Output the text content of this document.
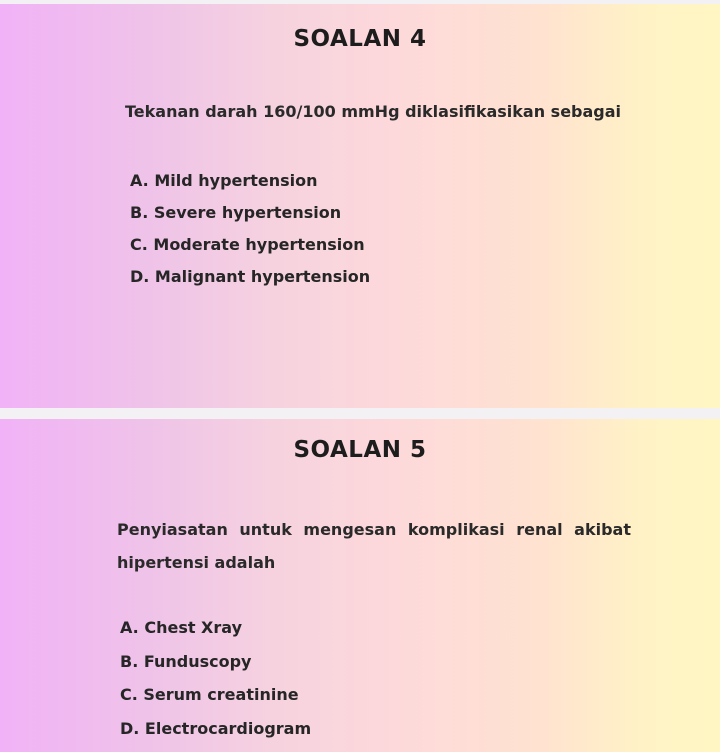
SOALAN 4
Tekanan darah 160/100 mmHg diklasifikasikan sebagai
A. Mild hypertension
B. Severe hypertension
C. Moderate hypertension
D. Malignant hypertension
SOALAN 5
Penyiasatan untuk mengesan komplikasi renal akibat hipertensi adalah
A. Chest Xray
B. Funduscopy
C. Serum creatinine
D. Electrocardiogram
